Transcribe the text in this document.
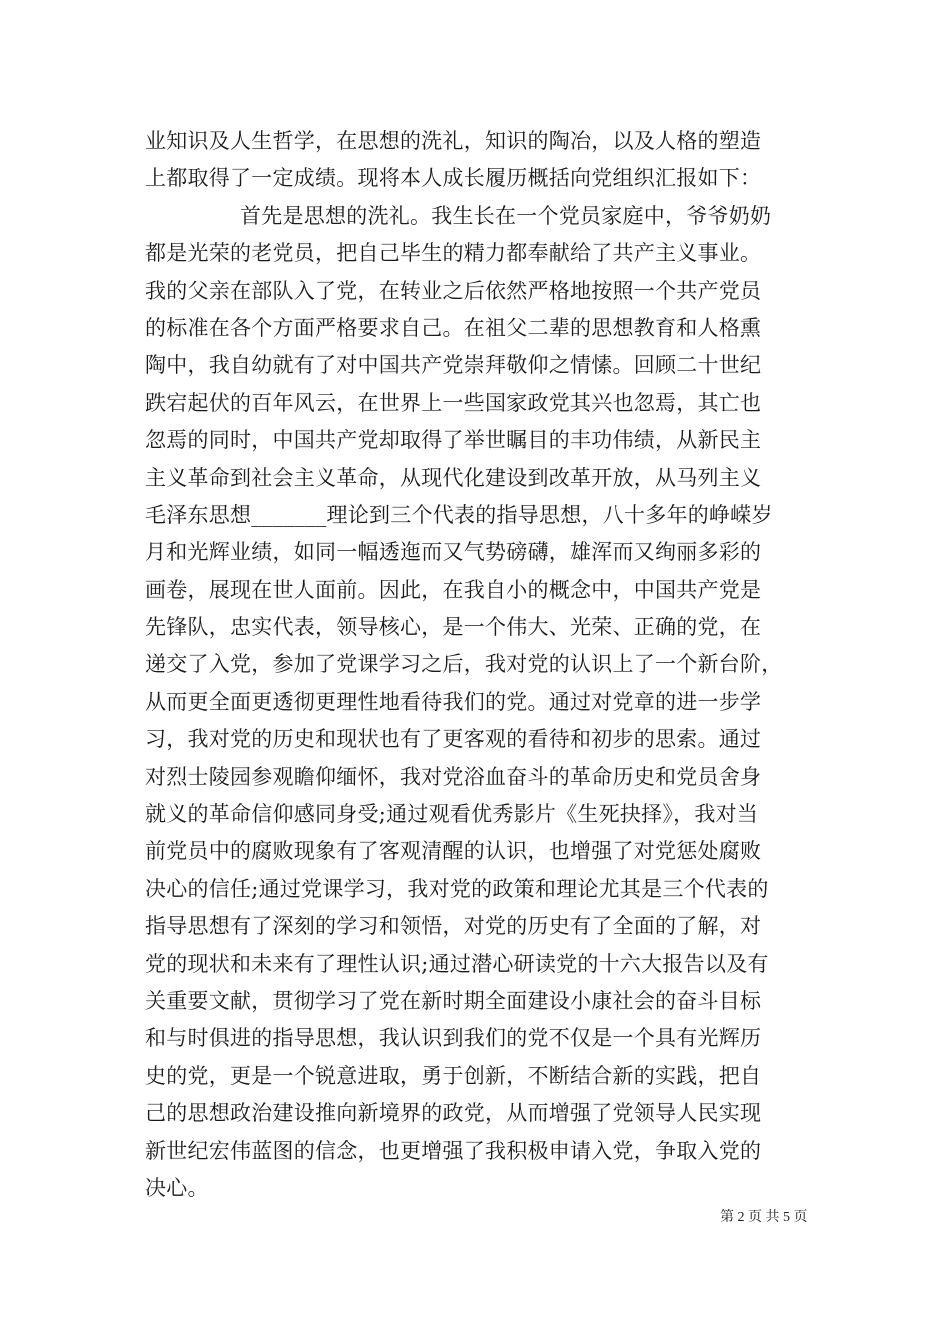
业知识及人生哲学，在思想的洗礼，知识的陶冶，以及人格的塑造
上都取得了一定成绩。现将本人成长履历概括向党组织汇报如下：
首先是思想的洗礼。我生长在一个党员家庭中，爷爷奶奶
都是光荣的老党员，把自己毕生的精力都奉献给了共产主义事业。
我的父亲在部队入了党，在转业之后依然严格地按照一个共产党员
的标准在各个方面严格要求自己。在祖父二辈的思想教育和人格熏
陶中，我自幼就有了对中国共产党崇拜敬仰之情愫。回顾二十世纪
跌宕起伏的百年风云，在世界上一些国家政党其兴也忽焉，其亡也
忽焉的同时，中国共产党却取得了举世瞩目的丰功伟绩，从新民主
主义革命到社会主义革命，从现代化建设到改革开放，从马列主义
毛泽东思想_______理论到三个代表的指导思想，八十多年的峥嵘岁
月和光辉业绩，如同一幅透迤而又气势磅礴，雄浑而又绚丽多彩的
画卷，展现在世人面前。因此，在我自小的概念中，中国共产党是
先锋队，忠实代表，领导核心，是一个伟大、光荣、正确的党，在
递交了入党，参加了党课学习之后，我对党的认识上了一个新台阶，
从而更全面更透彻更理性地看待我们的党。通过对党章的进一步学
习，我对党的历史和现状也有了更客观的看待和初步的思索。通过
对烈士陵园参观瞻仰缅怀，我对党浴血奋斗的革命历史和党员舍身
就义的革命信仰感同身受;通过观看优秀影片《生死抉择》，我对当
前党员中的腐败现象有了客观清醒的认识，也增强了对党惩处腐败
决心的信任;通过党课学习，我对党的政策和理论尤其是三个代表的
指导思想有了深刻的学习和领悟，对党的历史有了全面的了解，对
党的现状和未来有了理性认识;通过潜心研读党的十六大报告以及有
关重要文献，贯彻学习了党在新时期全面建设小康社会的奋斗目标
和与时俱进的指导思想，我认识到我们的党不仅是一个具有光辉历
史的党，更是一个锐意进取，勇于创新，不断结合新的实践，把自
己的思想政治建设推向新境界的政党，从而增强了党领导人民实现
新世纪宏伟蓝图的信念，也更增强了我积极申请入党，争取入党的
决心。
第 2 页 共 5 页
